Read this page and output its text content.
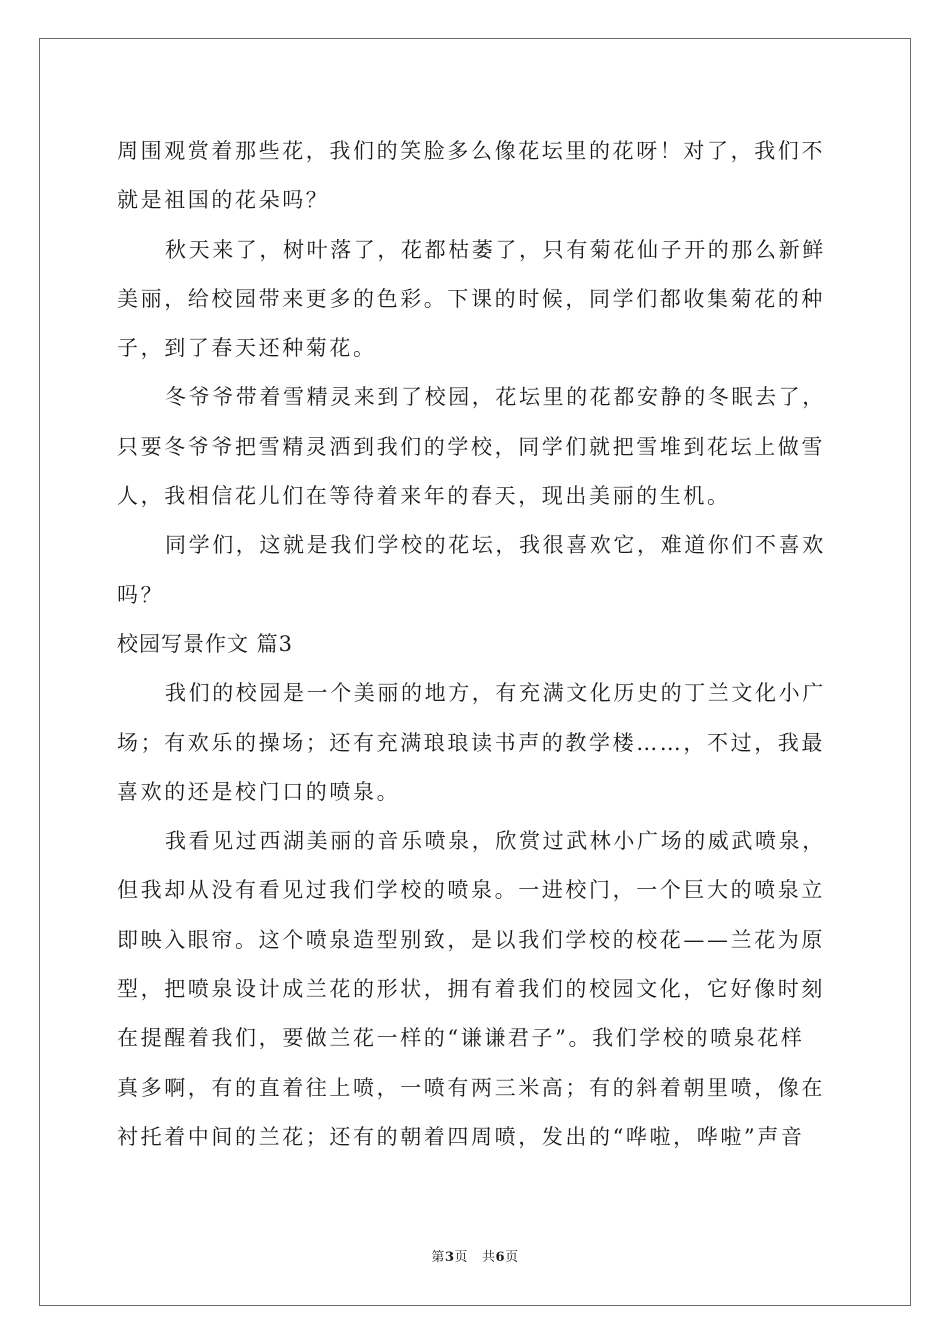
周围观赏着那些花，我们的笑脸多么像花坛里的花呀！对了，我们不
就是祖国的花朵吗？
秋天来了，树叶落了，花都枯萎了，只有菊花仙子开的那么新鲜
美丽，给校园带来更多的色彩。下课的时候，同学们都收集菊花的种
子，到了春天还种菊花。
冬爷爷带着雪精灵来到了校园，花坛里的花都安静的冬眠去了，
只要冬爷爷把雪精灵洒到我们的学校，同学们就把雪堆到花坛上做雪
人，我相信花儿们在等待着来年的春天，现出美丽的生机。
同学们，这就是我们学校的花坛，我很喜欢它，难道你们不喜欢
吗？
校园写景作文 篇3
我们的校园是一个美丽的地方，有充满文化历史的丁兰文化小广
场；有欢乐的操场；还有充满琅琅读书声的教学楼……，不过，我最
喜欢的还是校门口的喷泉。
我看见过西湖美丽的音乐喷泉，欣赏过武林小广场的威武喷泉，
但我却从没有看见过我们学校的喷泉。一进校门，一个巨大的喷泉立
即映入眼帘。这个喷泉造型别致，是以我们学校的校花——兰花为原
型，把喷泉设计成兰花的形状，拥有着我们的校园文化，它好像时刻
在提醒着我们，要做兰花一样的“谦谦君子”。我们学校的喷泉花样
真多啊，有的直着往上喷，一喷有两三米高；有的斜着朝里喷，像在
衬托着中间的兰花；还有的朝着四周喷，发出的“哗啦，哗啦”声音
第3页 共6页
